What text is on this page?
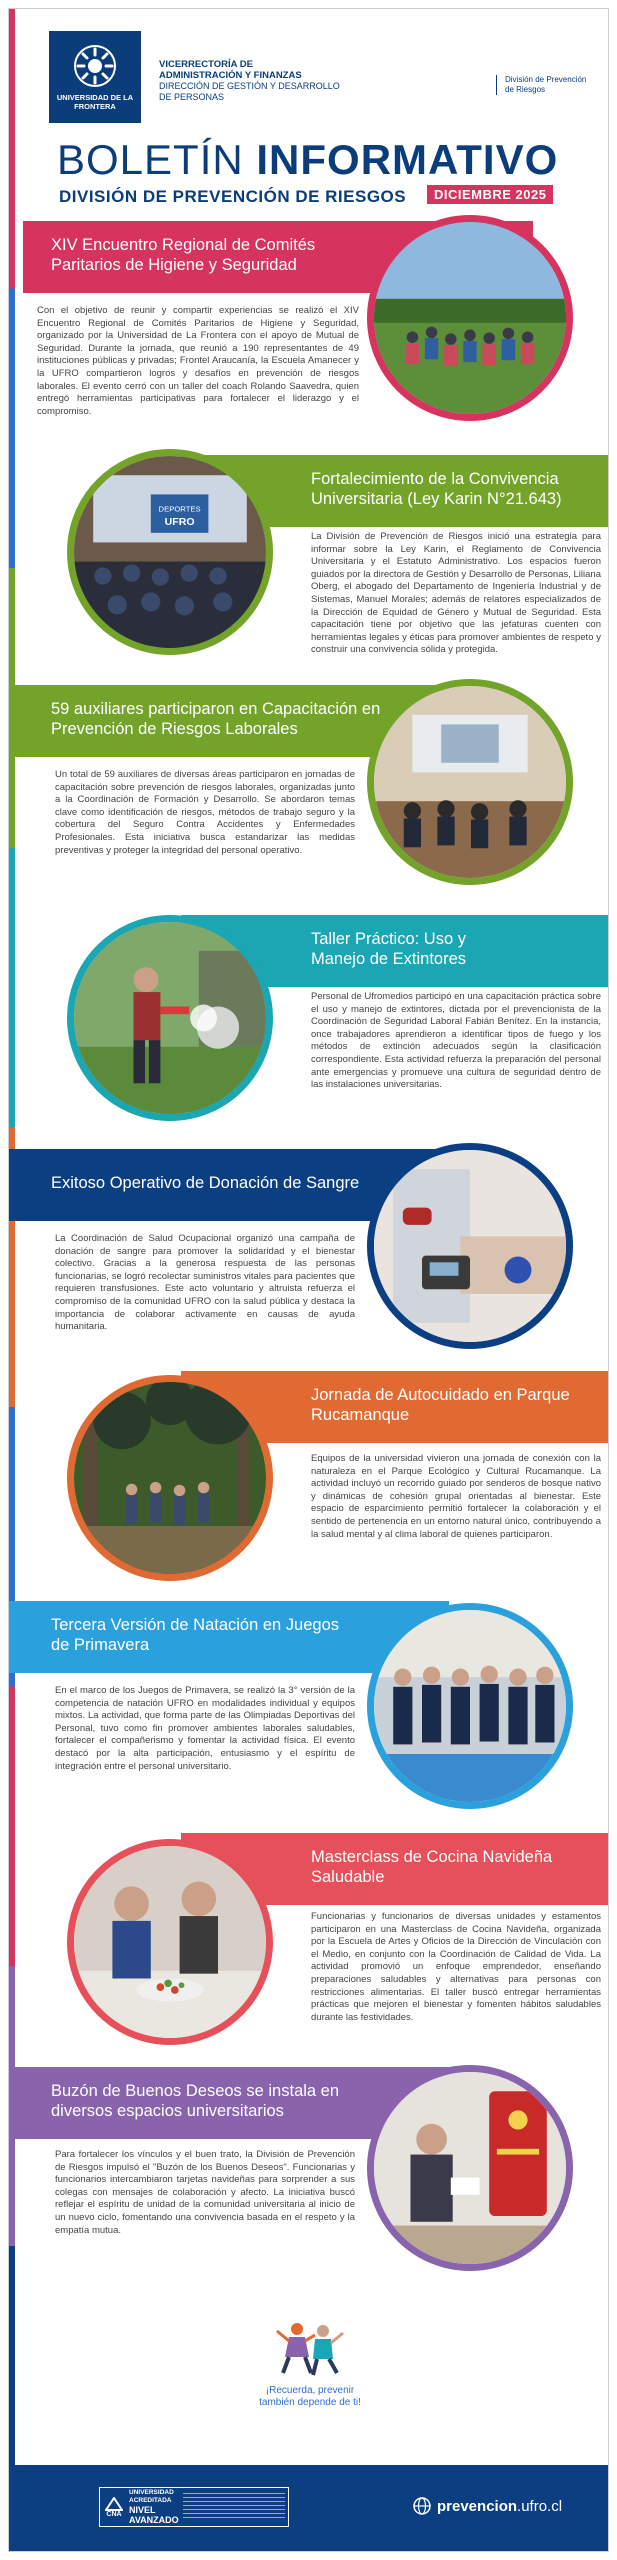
UNIVERSIDAD DE LA FRONTERA
VICERRECTORÍA DE
ADMINISTRACIÓN Y FINANZAS
DIRECCIÓN DE GESTIÓN Y DESARROLLO
DE PERSONAS
División de Prevención de Riesgos
BOLETÍN INFORMATIVO
DIVISIÓN DE PREVENCIÓN DE RIESGOS	DICIEMBRE 2025
XIV Encuentro Regional de Comités Paritarios de Higiene y Seguridad
Con el objetivo de reunir y compartir experiencias se realizó el XIV Encuentro Regional de Comités Paritarios de Higiene y Seguridad, organizado por la Universidad de La Frontera con el apoyo de Mutual de Seguridad. Durante la jornada, que reunió a 190 representantes de 49 instituciones públicas y privadas; Frontel Araucanía, la Escuela Amanecer y la UFRO compartieron logros y desafíos en prevención de riesgos laborales. El evento cerró con un taller del coach Rolando Saavedra, quien entregó herramientas participativas para fortalecer el liderazgo y el compromiso.
Fortalecimiento de la Convivencia Universitaria (Ley Karin N°21.643)
DEPORTES
UFRO
La División de Prevención de Riesgos inició una estrategia para informar sobre la Ley Karin, el Reglamento de Convivencia Universitaria y el Estatuto Administrativo. Los espacios fueron guiados por la directora de Gestión y Desarrollo de Personas, Liliana Oberg, el abogado del Departamento de Ingeniería Industrial y de Sistemas, Manuel Morales; además de relatores especializados de la Dirección de Equidad de Género y Mutual de Seguridad. Esta capacitación tiene por objetivo que las jefaturas cuenten con herramientas legales y éticas para promover ambientes de respeto y construir una convivencia sólida y protegida.
59 auxiliares participaron en Capacitación en Prevención de Riesgos Laborales
Un total de 59 auxiliares de diversas áreas participaron en jornadas de capacitación sobre prevención de riesgos laborales, organizadas junto a la Coordinación de Formación y Desarrollo. Se abordaron temas clave como identificación de riesgos, métodos de trabajo seguro y la cobertura del Seguro Contra Accidentes y Enfermedades Profesionales. Esta iniciativa busca estandarizar las medidas preventivas y proteger la integridad del personal operativo.
Taller Práctico: Uso y Manejo de Extintores
Personal de Ufromedios participó en una capacitación práctica sobre el uso y manejo de extintores, dictada por el prevencionista de la Coordinación de Seguridad Laboral Fabián Benítez. En la instancia, once trabajadores aprendieron a identificar tipos de fuego y los métodos de extinción adecuados según la clasificación correspondiente. Esta actividad refuerza la preparación del personal ante emergencias y promueve una cultura de seguridad dentro de las instalaciones universitarias.
Exitoso Operativo de Donación de Sangre
La Coordinación de Salud Ocupacional organizó una campaña de donación de sangre para promover la solidaridad y el bienestar colectivo. Gracias a la generosa respuesta de las personas funcionarias, se logró recolectar suministros vitales para pacientes que requieren transfusiones. Este acto voluntario y altruista refuerza el compromiso de la comunidad UFRO con la salud pública y destaca la importancia de colaborar activamente en causas de ayuda humanitaria.
Jornada de Autocuidado en Parque Rucamanque
Equipos de la universidad vivieron una jornada de conexión con la naturaleza en el Parque Ecológico y Cultural Rucamanque. La actividad incluyó un recorrido guiado por senderos de bosque nativo y dinámicas de cohesión grupal orientadas al bienestar. Este espacio de esparcimiento permitió fortalecer la colaboración y el sentido de pertenencia en un entorno natural único, contribuyendo a la salud mental y al clima laboral de quienes participaron.
Tercera Versión de Natación en Juegos de Primavera
En el marco de los Juegos de Primavera, se realizó la 3° versión de la competencia de natación UFRO en modalidades individual y equipos mixtos. La actividad, que forma parte de las Olimpiadas Deportivas del Personal, tuvo como fin promover ambientes laborales saludables, fortalecer el compañerismo y fomentar la actividad física. El evento destacó por la alta participación, entusiasmo y el espíritu de integración entre el personal universitario.
Masterclass de Cocina Navideña Saludable
Funcionarias y funcionarios de diversas unidades y estamentos participaron en una Masterclass de Cocina Navideña, organizada por la Escuela de Artes y Oficios de la Dirección de Vinculación con el Medio, en conjunto con la Coordinación de Calidad de Vida. La actividad promovió un enfoque emprendedor, enseñando preparaciones saludables y alternativas para personas con restricciones alimentarias. El taller buscó entregar herramientas prácticas que mejoren el bienestar y fomenten hábitos saludables durante las festividades.
Buzón de Buenos Deseos se instala en diversos espacios universitarios
Para fortalecer los vínculos y el buen trato, la División de Prevención de Riesgos impulsó el "Buzón de los Buenos Deseos". Funcionarias y funcionarios intercambiaron tarjetas navideñas para sorprender a sus colegas con mensajes de colaboración y afecto. La iniciativa buscó reflejar el espíritu de unidad de la comunidad universitaria al inicio de un nuevo ciclo, fomentando una convivencia basada en el respeto y la empatía mutua.
¡Recuerda, prevenir
también depende de ti!
CNA
UNIVERSIDAD
ACREDITADA
NIVEL
AVANZADO
prevencion.ufro.cl
